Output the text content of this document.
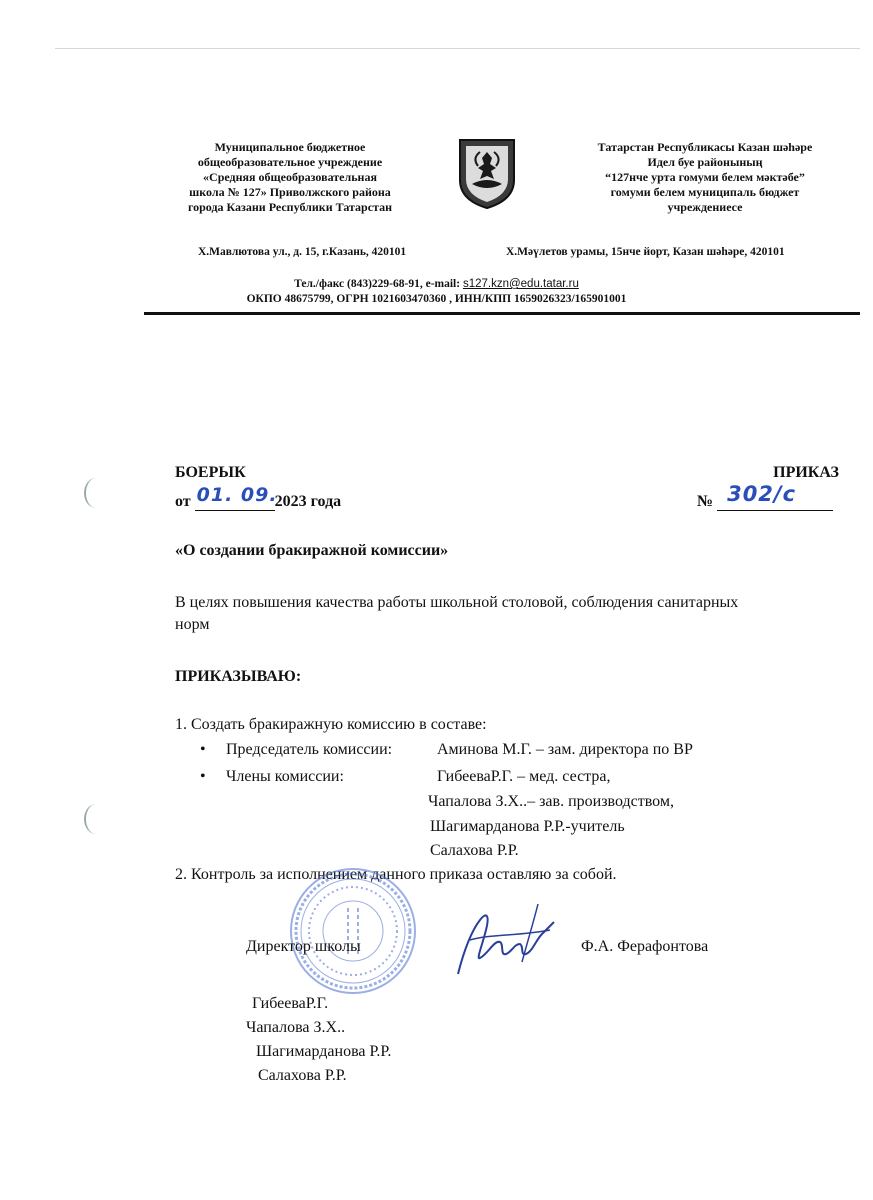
Муниципальное бюджетное
общеобразовательное учреждение
«Средняя общеобразовательная
школа № 127» Приволжского района
города Казани Республики Татарстан
Татарстан Республикасы Казан шәһәре
Идел буе районының
“127нче урта гомуми белем мәктәбе”
гомуми белем муниципаль бюджет
учреждениесе
Х.Мавлютова ул., д. 15, г.Казань, 420101	Х.Мәүлетов урамы, 15нче йорт, Казан шәһәре, 420101
Тел./факс (843)229-68-91, e-mail: s127.kzn@edu.tatar.ru
ОКПО 48675799, ОГРН 1021603470360 , ИНН/КПП 1659026323/165901001
БОЕРЫК	ПРИКАЗ
от 01. 09.
2023 года	№ 302/с
«О создании бракиражной комиссии»
В целях повышения качества работы школьной столовой, соблюдения санитарных
норм
ПРИКАЗЫВАЮ:
1. Создать бракиражную комиссию в составе:
• Председатель комиссии:	Аминова М.Г. – зам. директора по ВР
• Члены комиссии:	ГибееваР.Г. – мед. сестра,
Чапалова З.Х..– зав. производством,
Шагимарданова Р.Р.-учитель
Салахова Р.Р.
2. Контроль за исполнением данного приказа оставляю за собой.
Директор школы	Ф.А. Ферафонтова
ГибееваР.Г.
Чапалова З.Х..
Шагимарданова Р.Р.
Салахова Р.Р.
